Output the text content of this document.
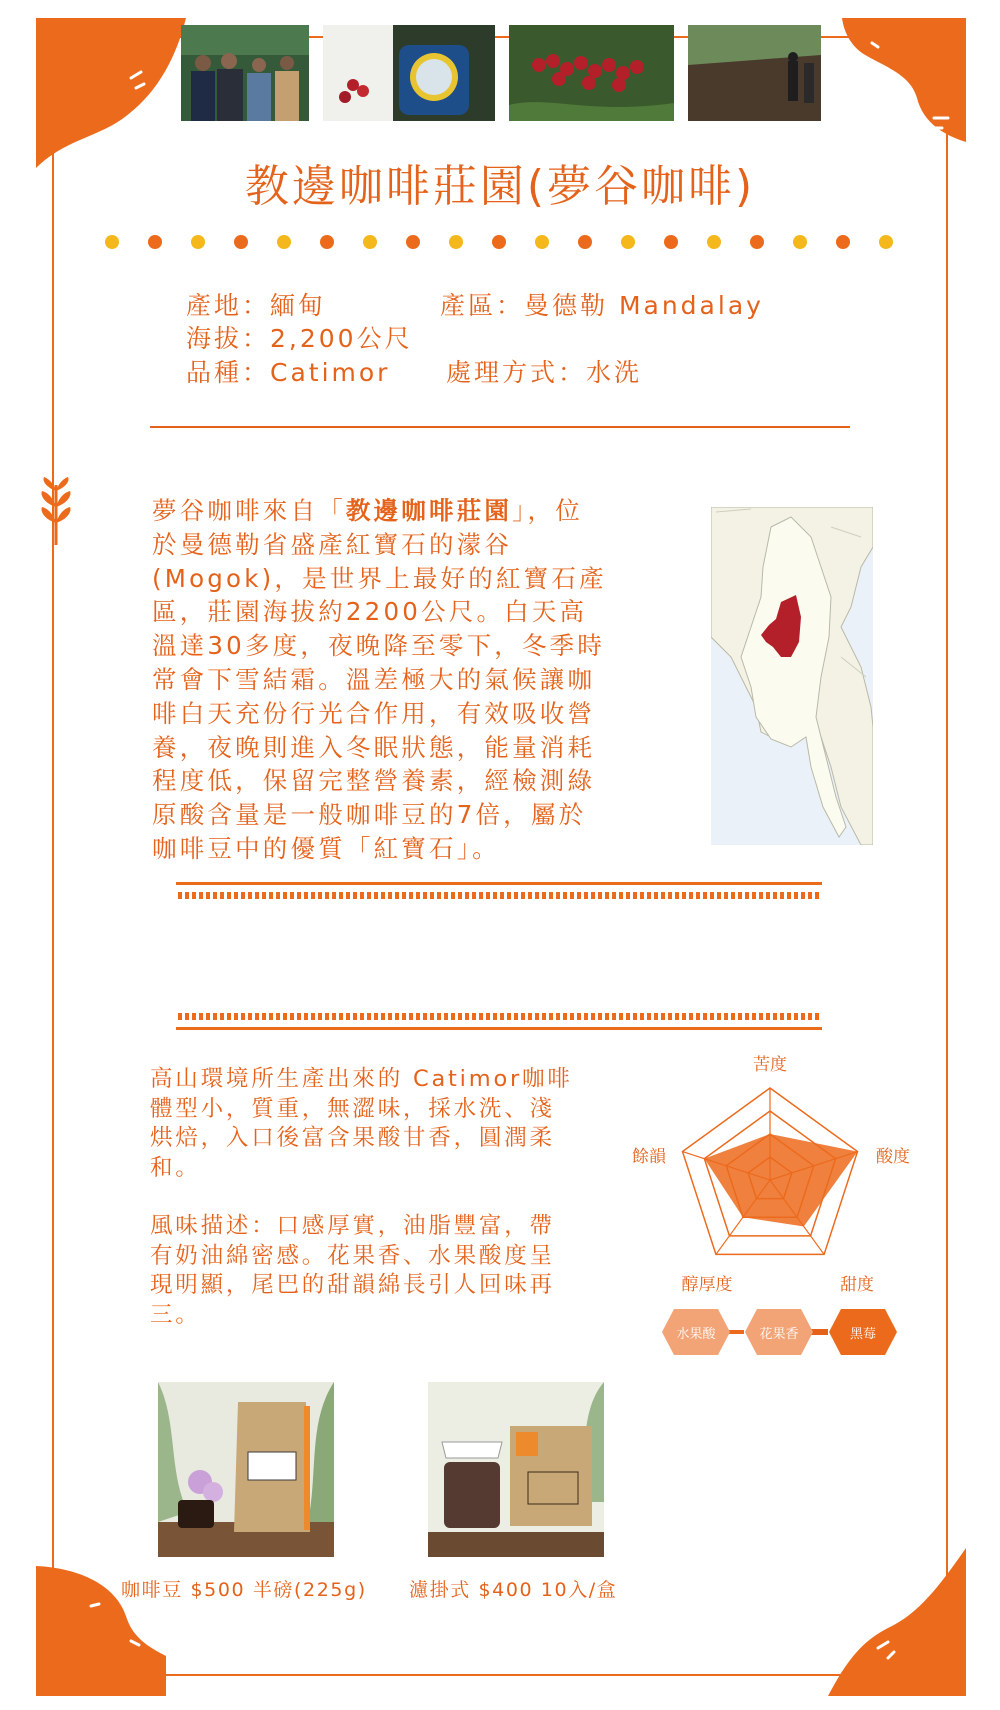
教邊咖啡莊園(夢谷咖啡)
產地：緬甸	產區：曼德勒 Mandalay
海拔：2,200公尺
品種：Catimor 處理方式：水洗
夢谷咖啡來自「教邊咖啡莊園」，位
於曼德勒省盛產紅寶石的濛谷
(Mogok)，是世界上最好的紅寶石產
區，莊園海拔約2200公尺。白天高
溫達30多度，夜晚降至零下，冬季時
常會下雪結霜。溫差極大的氣候讓咖
啡白天充份行光合作用，有效吸收營
養，夜晚則進入冬眠狀態，能量消耗
程度低，保留完整營養素，經檢測綠
原酸含量是一般咖啡豆的7倍，屬於
咖啡豆中的優質「紅寶石」。
高山環境所生產出來的 Catimor咖啡
體型小，質重，無澀味，採水洗、淺
烘焙，入口後富含果酸甘香，圓潤柔
和。
風味描述：口感厚實，油脂豐富，帶
有奶油綿密感。花果香、水果酸度呈
現明顯，尾巴的甜韻綿長引人回味再
三。
苦度
酸度
甜度
醇厚度
餘韻
水果酸	花果香	黑莓
咖啡豆 $500 半磅(225g) 濾掛式 $400 10入/盒
